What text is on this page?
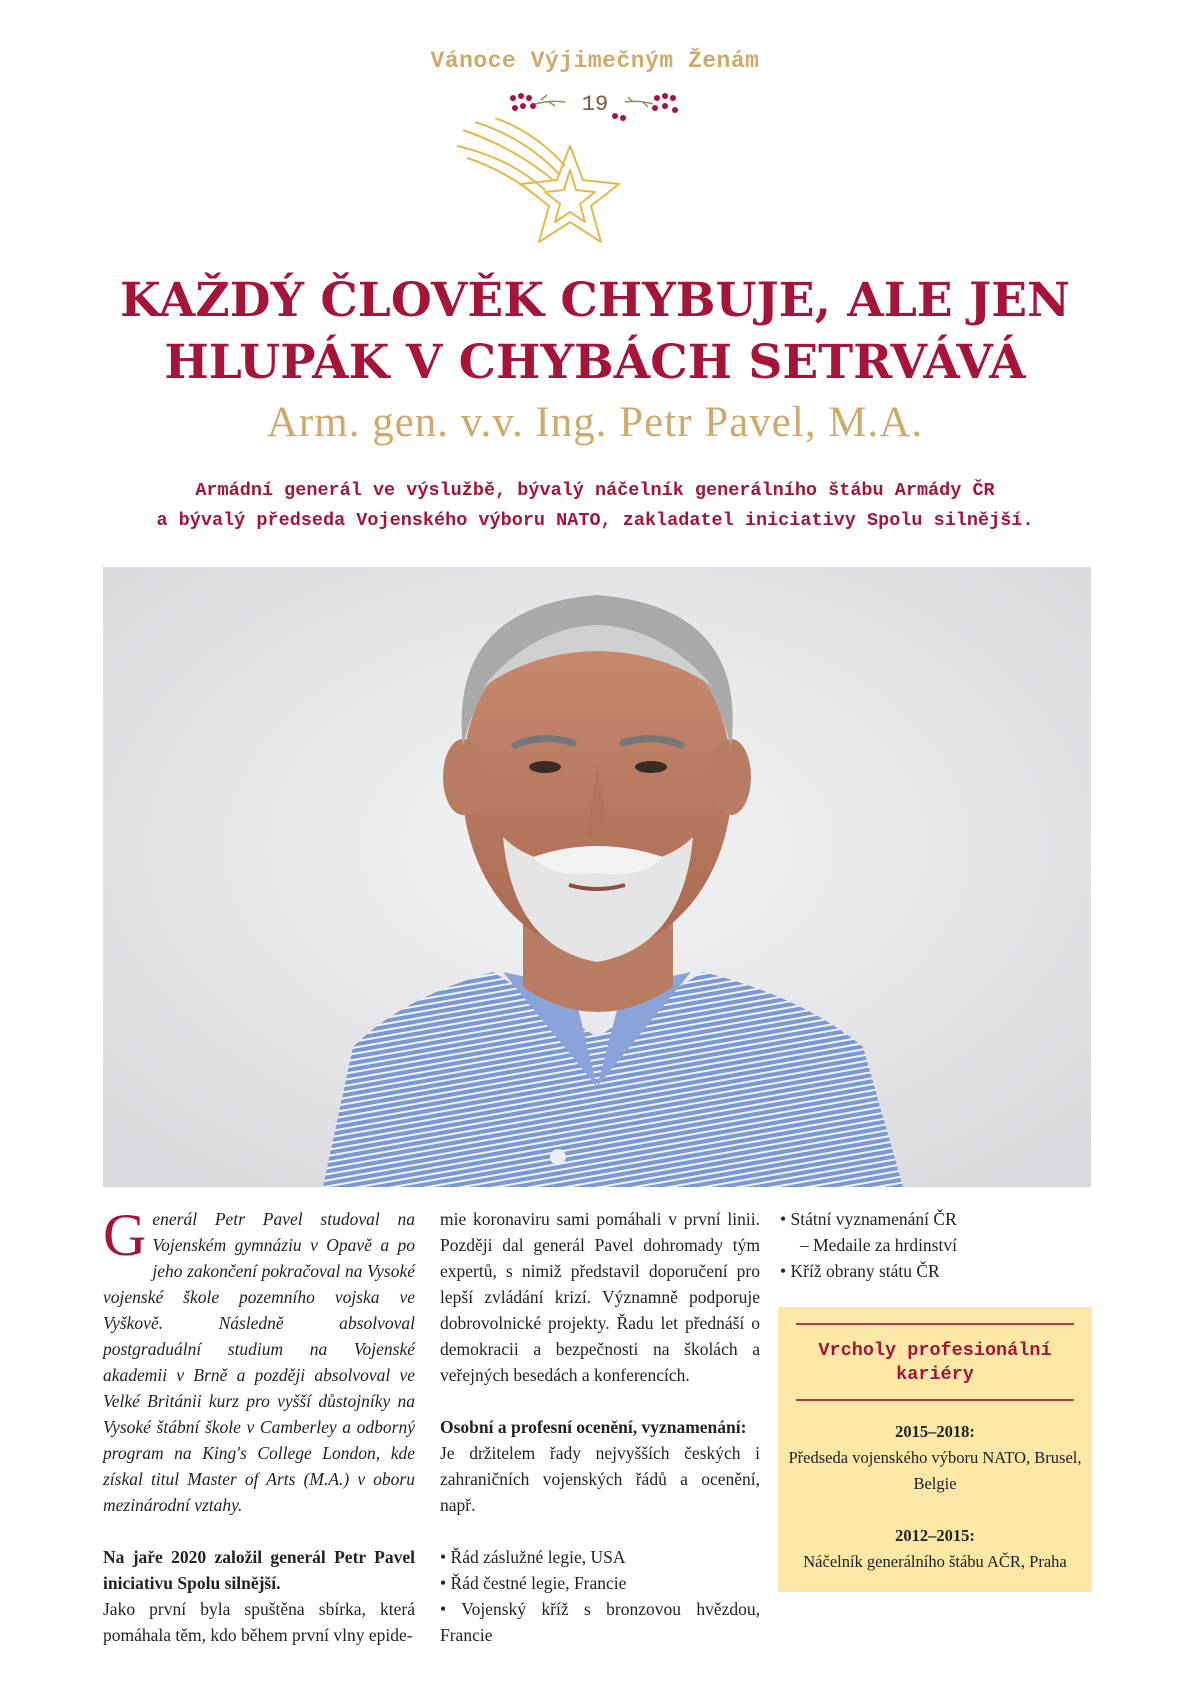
Vánoce Výjimečným Ženám
19
KAŽDÝ ČLOVĚK CHYBUJE, ALE JEN
HLUPÁK V CHYBÁCH SETRVÁVÁ
Arm. gen. v.v. Ing. Petr Pavel, M.A.
Armádní generál ve výslužbě, bývalý náčelník generálního štábu Armády ČR
a bývalý předseda Vojenského výboru NATO, zakladatel iniciativy Spolu silnější.
G enerál Petr Pavel studoval na Vojenském gymnáziu v Opavě a po jeho zakončení pokračoval na Vysoké vojenské škole pozemního vojska ve Vyškově. Následně absolvoval postgraduální studium na Vojenské akademii v Brně a později absolvoval ve Velké Británii kurz pro vyšší důstojníky na Vysoké štábní škole v Camberley a odborný program na King's College London, kde získal titul Master of Arts (M.A.) v oboru mezinárodní vztahy.
Na jaře 2020 založil generál Petr Pavel iniciativu Spolu silnější.
Jako první byla spuštěna sbírka, která pomáhala těm, kdo během první vlny epide-
mie koronaviru sami pomáhali v první linii. Později dal generál Pavel dohromady tým expertů, s nimiž představil doporučení pro lepší zvládání krizí. Významně podporuje dobrovolnické projekty. Řadu let přednáší o demokracii a bezpečnosti na školách a veřejných besedách a konferencích.
Osobní a profesní ocenění, vyznamenání:
Je držitelem řady nejvyšších českých i zahraničních vojenských řádů a ocenění, např.
• Řád záslužné legie, USA
• Řád čestné legie, Francie
• Vojenský kříž s bronzovou hvězdou, Francie
• Státní vyznamenání ČR
– Medaile za hrdinství
• Kříž obrany státu ČR
Vrcholy profesionální
kariéry
2015–2018:
Předseda vojenského výboru NATO, Brusel, Belgie
2012–2015:
Náčelník generálního štábu AČR, Praha
